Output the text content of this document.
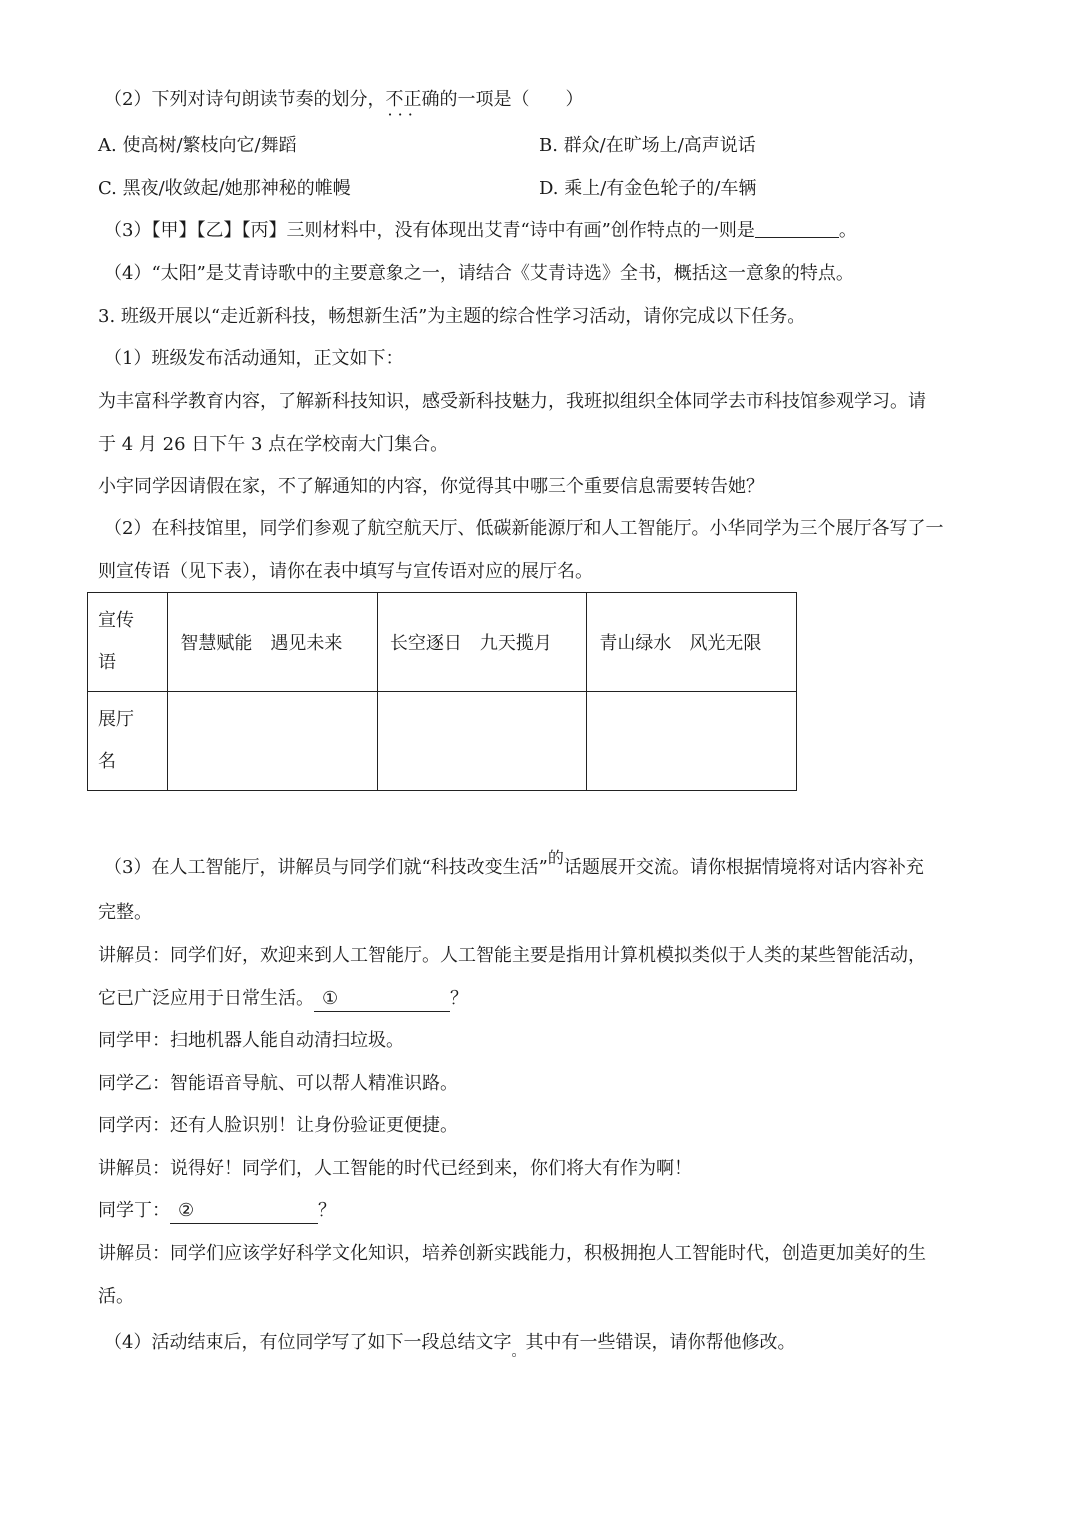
（2）下列对诗句朗读节奏的划分，不正确 · · ·的一项是（　　）
A. 使高树/繁枝向它/舞蹈	B. 群众/在旷场上/高声说话
C. 黑夜/收敛起/她那神秘的帷幔	D. 乘上/有金色轮子的/车辆
（3）【甲】【乙】【丙】三则材料中，没有体现出艾青“诗中有画”创作特点的一则是	。
（4）“太阳”是艾青诗歌中的主要意象之一，请结合《艾青诗选》全书，概括这一意象的特点。
3. 班级开展以“走近新科技，畅想新生活”为主题的综合性学习活动，请你完成以下任务。
（1）班级发布活动通知，正文如下：
为丰富科学教育内容，了解新科技知识，感受新科技魅力，我班拟组织全体同学去市科技馆参观学习。请
于 4 月 26 日下午 3 点在学校南大门集合。
小宇同学因请假在家，不了解通知的内容，你觉得其中哪三个重要信息需要转告她？
（2）在科技馆里，同学们参观了航空航天厅、低碳新能源厅和人工智能厅。小华同学为三个展厅各写了一
则宣传语（见下表），请你在表中填写与宣传语对应的展厅名。
宣传
语	智慧赋能　遇见未来	长空逐日　九天揽月	青山绿水　风光无限

展厅
名			

（3）在人工智能厅，讲解员与同学们就“科技改变生活”的话题展开交流。请你根据情境将对话内容补充
完整。
讲解员：同学们好，欢迎来到人工智能厅。人工智能主要是指用计算机模拟类似于人类的某些智能活动，
它已广泛应用于日常生活。 ①	？
同学甲：扫地机器人能自动清扫垃圾。
同学乙：智能语音导航、可以帮人精准识路。
同学丙：还有人脸识别！让身份验证更便捷。
讲解员：说得好！同学们，人工智能的时代已经到来，你们将大有作为啊！
同学丁： ②	？
讲解员：同学们应该学好科学文化知识，培养创新实践能力，积极拥抱人工智能时代，创造更加美好的生
活。
（4）活动结束后，有位同学写了如下一段总结文字$_。$其中有一些错误，请你帮他修改。
